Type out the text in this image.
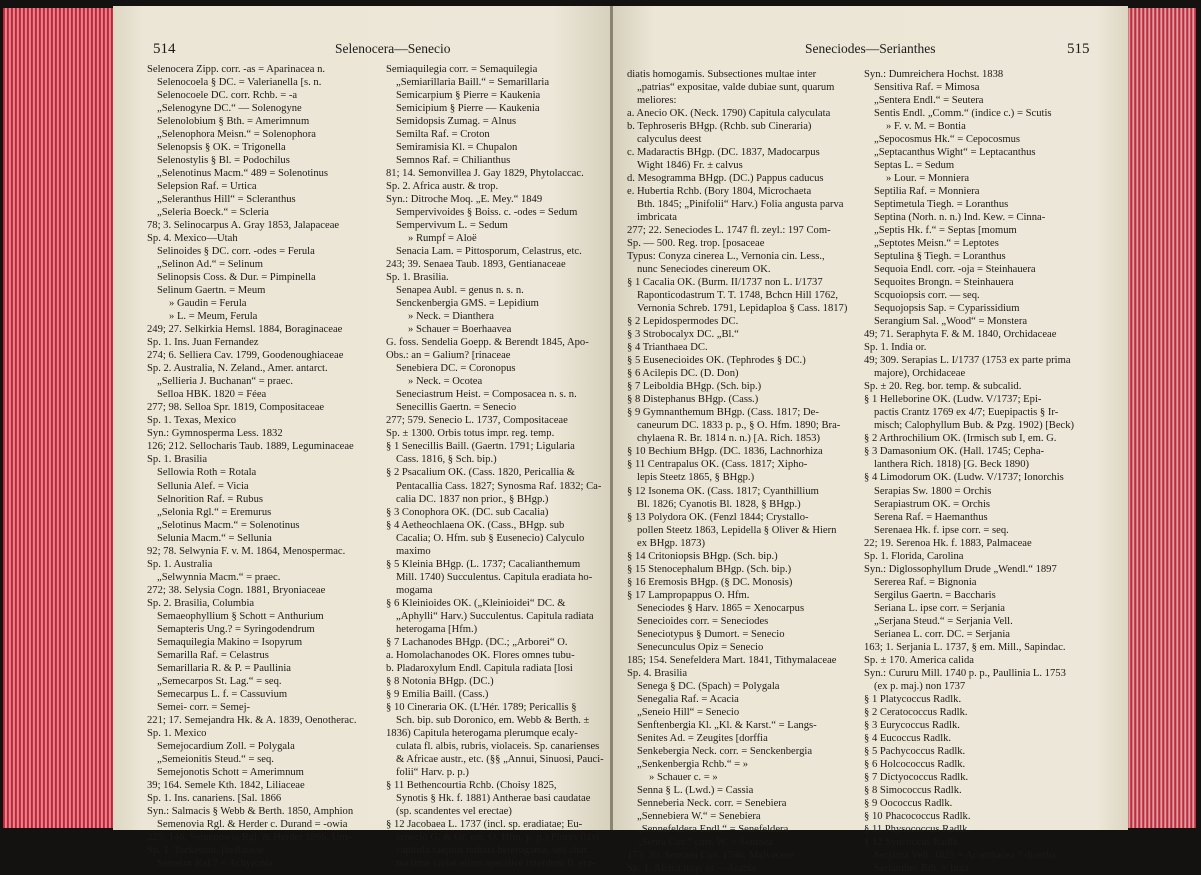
514	Selenocera—Senecio
Selenocera Zipp. corr. -as = Aparinacea n.
Selenocoela § DC. = Valerianella [s. n.
Selenocoele DC. corr. Rchb. = -a
„Selenogyne DC.“ — Solenogyne
Selenolobium § Bth. = Amerimnum
„Selenophora Meisn.“ = Solenophora
Selenopsis § OK. = Trigonella
Selenostylis § Bl. = Podochilus
„Selenotinus Macm.“ 489 = Solenotinus
Selepsion Raf. = Urtica
„Seleranthus Hill“ = Scleranthus
„Seleria Boeck.“ = Scleria
78; 3. Selinocarpus A. Gray 1853, Jalapaceae
Sp. 4. Mexico—Utah
Selinoides § DC. corr. -odes = Ferula
„Selinon Ad.“ = Selinum
Selinopsis Coss. & Dur. = Pimpinella
Selinum Gaertn. = Meum
» Gaudin = Ferula
» L. = Meum, Ferula
249; 27. Selkirkia Hemsl. 1884, Boraginaceae
Sp. 1. Ins. Juan Fernandez
274; 6. Selliera Cav. 1799, Goodenoughiaceae
Sp. 2. Australia, N. Zeland., Amer. antarct.
„Sellieria J. Buchanan“ = praec.
Selloa HBK. 1820 = Féea
277; 98. Selloa Spr. 1819, Compositaceae
Sp. 1. Texas, Mexico
Syn.: Gymnosperma Less. 1832
126; 212. Sellocharis Taub. 1889, Leguminaceae
Sp. 1. Brasilia
Sellowia Roth = Rotala
Sellunia Alef. = Vicia
Selnorition Raf. = Rubus
„Selonia Rgl.“ = Eremurus
„Selotinus Macm.“ = Solenotinus
Selunia Macm.“ = Sellunia
92; 78. Selwynia F. v. M. 1864, Menospermac.
Sp. 1. Australia
„Selwynnia Macm.“ = praec.
272; 38. Selysia Cogn. 1881, Bryoniaceae
Sp. 2. Brasilia, Columbia
Semaeophyllium § Schott = Anthurium
Semapteris Ung.? = Syringodendrum
Semaquilegia Makino = Isopyrum
Semarilla Raf. = Celastrus
Semarillaria R. & P. = Paullinia
„Semecarpos St. Lag.“ = seq.
Semecarpus L. f. = Cassuvium
Semei- corr. = Semej-
221; 17. Semejandra Hk. & A. 1839, Oenotherac.
Sp. 1. Mexico
Semejocardium Zoll. = Polygala
„Semeionitis Steud.“ = seq.
Semejonotis Schott = Amerimnum
39; 164. Semele Kth. 1842, Liliaceae
Sp. 1. Ins. canariens. [Sal. 1866
Syn.: Salmacis § Webb & Berth. 1850, Amphion
Semenovia Rgl. & Herder c. Durand = -owia
225; 146. Semenowia Rgl. & Herder 1866, Um-
Sp. 1. Turkestan. [bellaceae
Semetor Raf.? = Achyronia
Semiaquilegia corr. = Semaquilegia
„Semiarillaria Baill.“ = Semarillaria
Semicarpium § Pierre = Kaukenia
Semicipium § Pierre — Kaukenia
Semidopsis Zumag. = Alnus
Semilta Raf. = Croton
Semiramisia Kl. = Chupalon
Semnos Raf. = Chilianthus
81; 14. Semonvillea J. Gay 1829, Phytolaccac.
Sp. 2. Africa austr. & trop.
Syn.: Ditroche Moq. „E. Mey.“ 1849
Sempervivoides § Boiss. c. -odes = Sedum
Sempervivum L. = Sedum
» Rumpf = Aloë
Senacia Lam. = Pittosporum, Celastrus, etc.
243; 39. Senaea Taub. 1893, Gentianaceae
Sp. 1. Brasilia.
Senapea Aubl. = genus n. s. n.
Senckenbergia GMS. = Lepidium
» Neck. = Dianthera
» Schauer = Boerhaavea
G. foss. Sendelia Goepp. & Berendt 1845, Apo-
Obs.: an = Galium? [rinaceae
Senebiera DC. = Coronopus
» Neck. = Ocotea
Seneciastrum Heist. = Composacea n. s. n.
Senecillis Gaertn. = Senecio
277; 579. Senecio L. 1737, Compositaceae
Sp. ± 1300. Orbis totus impr. reg. temp.
§ 1 Senecillis Baill. (Gaertn. 1791; Ligularia
Cass. 1816, § Sch. bip.)
§ 2 Psacalium OK. (Cass. 1820, Pericallia &
Pentacallia Cass. 1827; Synosma Raf. 1832; Ca-
calia DC. 1837 non prior., § BHgp.)
§ 3 Conophora OK. (DC. sub Cacalia)
§ 4 Aetheochlaena OK. (Cass., BHgp. sub
Cacalia; O. Hfm. sub § Eusenecio) Calyculo
maximo
§ 5 Kleinia BHgp. (L. 1737; Cacalianthemum
Mill. 1740) Succulentus. Capitula eradiata ho-
mogama
§ 6 Kleinioides OK. („Kleinioidei“ DC. &
„Aphylli“ Harv.) Succulentus. Capitula radiata
heterogama [Hfm.)
§ 7 Lachanodes BHgp. (DC.; „Arborei“ O.
a. Homolachanodes OK. Flores omnes tubu-
b. Pladaroxylum Endl. Capitula radiata [losi
§ 8 Notonia BHgp. (DC.)
§ 9 Emilia Baill. (Cass.)
§ 10 Cineraria OK. (L'Hér. 1789; Pericallis §
Sch. bip. sub Doronico, em. Webb & Berth. ±
1836) Capitula heterogama plerumque ecaly-
culata fl. albis, rubris, violaceis. Sp. canarienses
& Africae austr., etc. (§§ „Annui, Sinuosi, Pauci-
folii“ Harv. p. p.)
§ 11 Bethencourtia Rchb. (Choisy 1825,
Synotis § Hk. f. 1881) Antherae basi caudatae
(sp. scandentes vel erectae)
§ 12 Jacobaea L. 1737 (incl. sp. eradiatae; Eu-
senecio G. & Gr. em. O. Hfm. p. p.) Flores flavi,
capitula saepius radiata heterogama, sed char.
maxime variat etiam specifice interdum fl. era-
Seneciodes—Serianthes	515
diatis homogamis. Subsectiones multae inter
„patrias“ expositae, valde dubiae sunt, quarum
meliores:
a. Anecio OK. (Neck. 1790) Capitula calyculata
b. Tephroseris BHgp. (Rchb. sub Cineraria)
calyculus deest
c. Madaractis BHgp. (DC. 1837, Madocarpus
Wight 1846) Fr. ± calvus
d. Mesogramma BHgp. (DC.) Pappus caducus
e. Hubertia Rchb. (Bory 1804, Microchaeta
Bth. 1845; „Pinifolii“ Harv.) Folia angusta parva
imbricata
277; 22. Seneciodes L. 1747 fl. zeyl.: 197 Com-
Sp. — 500. Reg. trop. [posaceae
Typus: Conyza cinerea L., Vernonia cin. Less.,
nunc Seneciodes cinereum OK.
§ 1 Cacalia OK. (Burm. II/1737 non L. I/1737
Raponticodastrum T. T. 1748, Bchcn Hill 1762,
Vernonia Schreb. 1791, Lepidaploa § Cass. 1817)
§ 2 Lepidospermodes DC.
§ 3 Strobocalyx DC. „Bl.“
§ 4 Trianthaea DC.
§ 5 Eusenecioides OK. (Tephrodes § DC.)
§ 6 Acilepis DC. (D. Don)
§ 7 Leiboldia BHgp. (Sch. bip.)
§ 8 Distephanus BHgp. (Cass.)
§ 9 Gymnanthemum BHgp. (Cass. 1817; De-
caneurum DC. 1833 p. p., § O. Hfm. 1890; Bra-
chylaena R. Br. 1814 n. n.) [A. Rich. 1853)
§ 10 Bechium BHgp. (DC. 1836, Lachnorhiza
§ 11 Centrapalus OK. (Cass. 1817; Xipho-
lepis Steetz 1865, § BHgp.)
§ 12 Isonema OK. (Cass. 1817; Cyanthillium
Bl. 1826; Cyanotis Bl. 1828, § BHgp.)
§ 13 Polydora OK. (Fenzl 1844; Crystallo-
pollen Steetz 1863, Lepidella § Oliver & Hiern
ex BHgp. 1873)
§ 14 Critoniopsis BHgp. (Sch. bip.)
§ 15 Stenocephalum BHgp. (Sch. bip.)
§ 16 Eremosis BHgp. (§ DC. Monosis)
§ 17 Lampropappus O. Hfm.
Seneciodes § Harv. 1865 = Xenocarpus
Senecioides corr. = Seneciodes
Seneciotypus § Dumort. = Senecio
Senecunculus Opiz = Senecio
185; 154. Senefeldera Mart. 1841, Tithymalaceae
Sp. 4. Brasilia
Senega § DC. (Spach) = Polygala
Senegalia Raf. = Acacia
„Seneio Hill“ = Senecio
Senftenbergia Kl. „Kl. & Karst.“ = Langs-
Senites Ad. = Zeugites [dorffia
Senkebergia Neck. corr. = Senckenbergia
„Senkenbergia Rchb.“ = »
» Schauer c. = »
Senna § L. (Lwd.) = Cassia
Senneberia Neck. corr. = Senebiera
„Sennebiera W.“ = Senebiera
„Sennefeldera Endl.“ = Senefeldera
„Senra Cav.“ corr. W. = Senraea
173; 30. Senraea Cav. 1786, Malvaceae
Sp. 1. Africa trop. or.—Arabia
Syn.: Dumreichera Hochst. 1838
Sensitiva Raf. = Mimosa
„Sentera Endl.“ = Seutera
Sentis Endl. „Comm.“ (indice c.) = Scutis
» F. v. M. = Bontia
„Sepocosmus Hk.“ = Cepocosmus
„Septacanthus Wight“ = Leptacanthus
Septas L. = Sedum
» Lour. = Monniera
Septilia Raf. = Monniera
Septimetula Tiegh. = Loranthus
Septina (Norh. n. n.) Ind. Kew. = Cinna-
„Septis Hk. f.“ = Septas [momum
„Septotes Meisn.“ = Leptotes
Septulina § Tiegh. = Loranthus
Sequoia Endl. corr. -oja = Steinhauera
Sequoites Brongn. = Steinhauera
Scquoiopsis corr. — seq.
Sequojopsis Sap. = Cyparissidium
Serangium Sal. „Wood“ = Monstera
49; 71. Seraphyta F. & M. 1840, Orchidaceae
Sp. 1. India or.
49; 309. Serapias L. I/1737 (1753 ex parte prima
majore), Orchidaceae
Sp. ± 20. Reg. bor. temp. & subcalid.
§ 1 Helleborine OK. (Ludw. V/1737; Epi-
pactis Crantz 1769 ex 4/7; Euepipactis § Ir-
misch; Calophyllum Bub. & Pzg. 1902) [Beck)
§ 2 Arthrochilium OK. (Irmisch sub I, em. G.
§ 3 Damasonium OK. (Hall. 1745; Cepha-
lanthera Rich. 1818) [G. Beck 1890)
§ 4 Limodorum OK. (Ludw. V/1737; Ionorchis
Serapias Sw. 1800 = Orchis
Serapiastrum OK. = Orchis
Serena Raf. = Haemanthus
Serenaea Hk. f. ipse corr. = seq.
22; 19. Serenoa Hk. f. 1883, Palmaceae
Sp. 1. Florida, Carolina
Syn.: Diglossophyllum Drude „Wendl.“ 1897
Sererea Raf. = Bignonia
Sergilus Gaertn. = Baccharis
Seriana L. ipse corr. = Serjania
„Serjana Steud.“ = Serjania Vell.
Serianea L. corr. DC. = Serjania
163; 1. Serjania L. 1737, § em. Mill., Sapindac.
Sp. ± 170. America calida
Syn.: Cururu Mill. 1740 p. p., Paullinia L. 1753
(ex p. maj.) non 1737
§ 1 Platycoccus Radlk.
§ 2 Ceratococcus Radlk.
§ 3 Eurycoccus Radlk.
§ 4 Eucoccus Radlk.
§ 5 Pachycoccus Radlk.
§ 6 Holcococcus Radlk.
§ 7 Dictyococcus Radlk.
§ 8 Simococcus Radlk.
§ 9 Oococcus Radlk.
§ 10 Phacococcus Radlk.
§ 11 Physococcus Radlk.
§ 12 Syncoccus Radlk.
Serjania Vell. 1825 = Acanthacea ? diantha
Serianthes Bth. = Inga
